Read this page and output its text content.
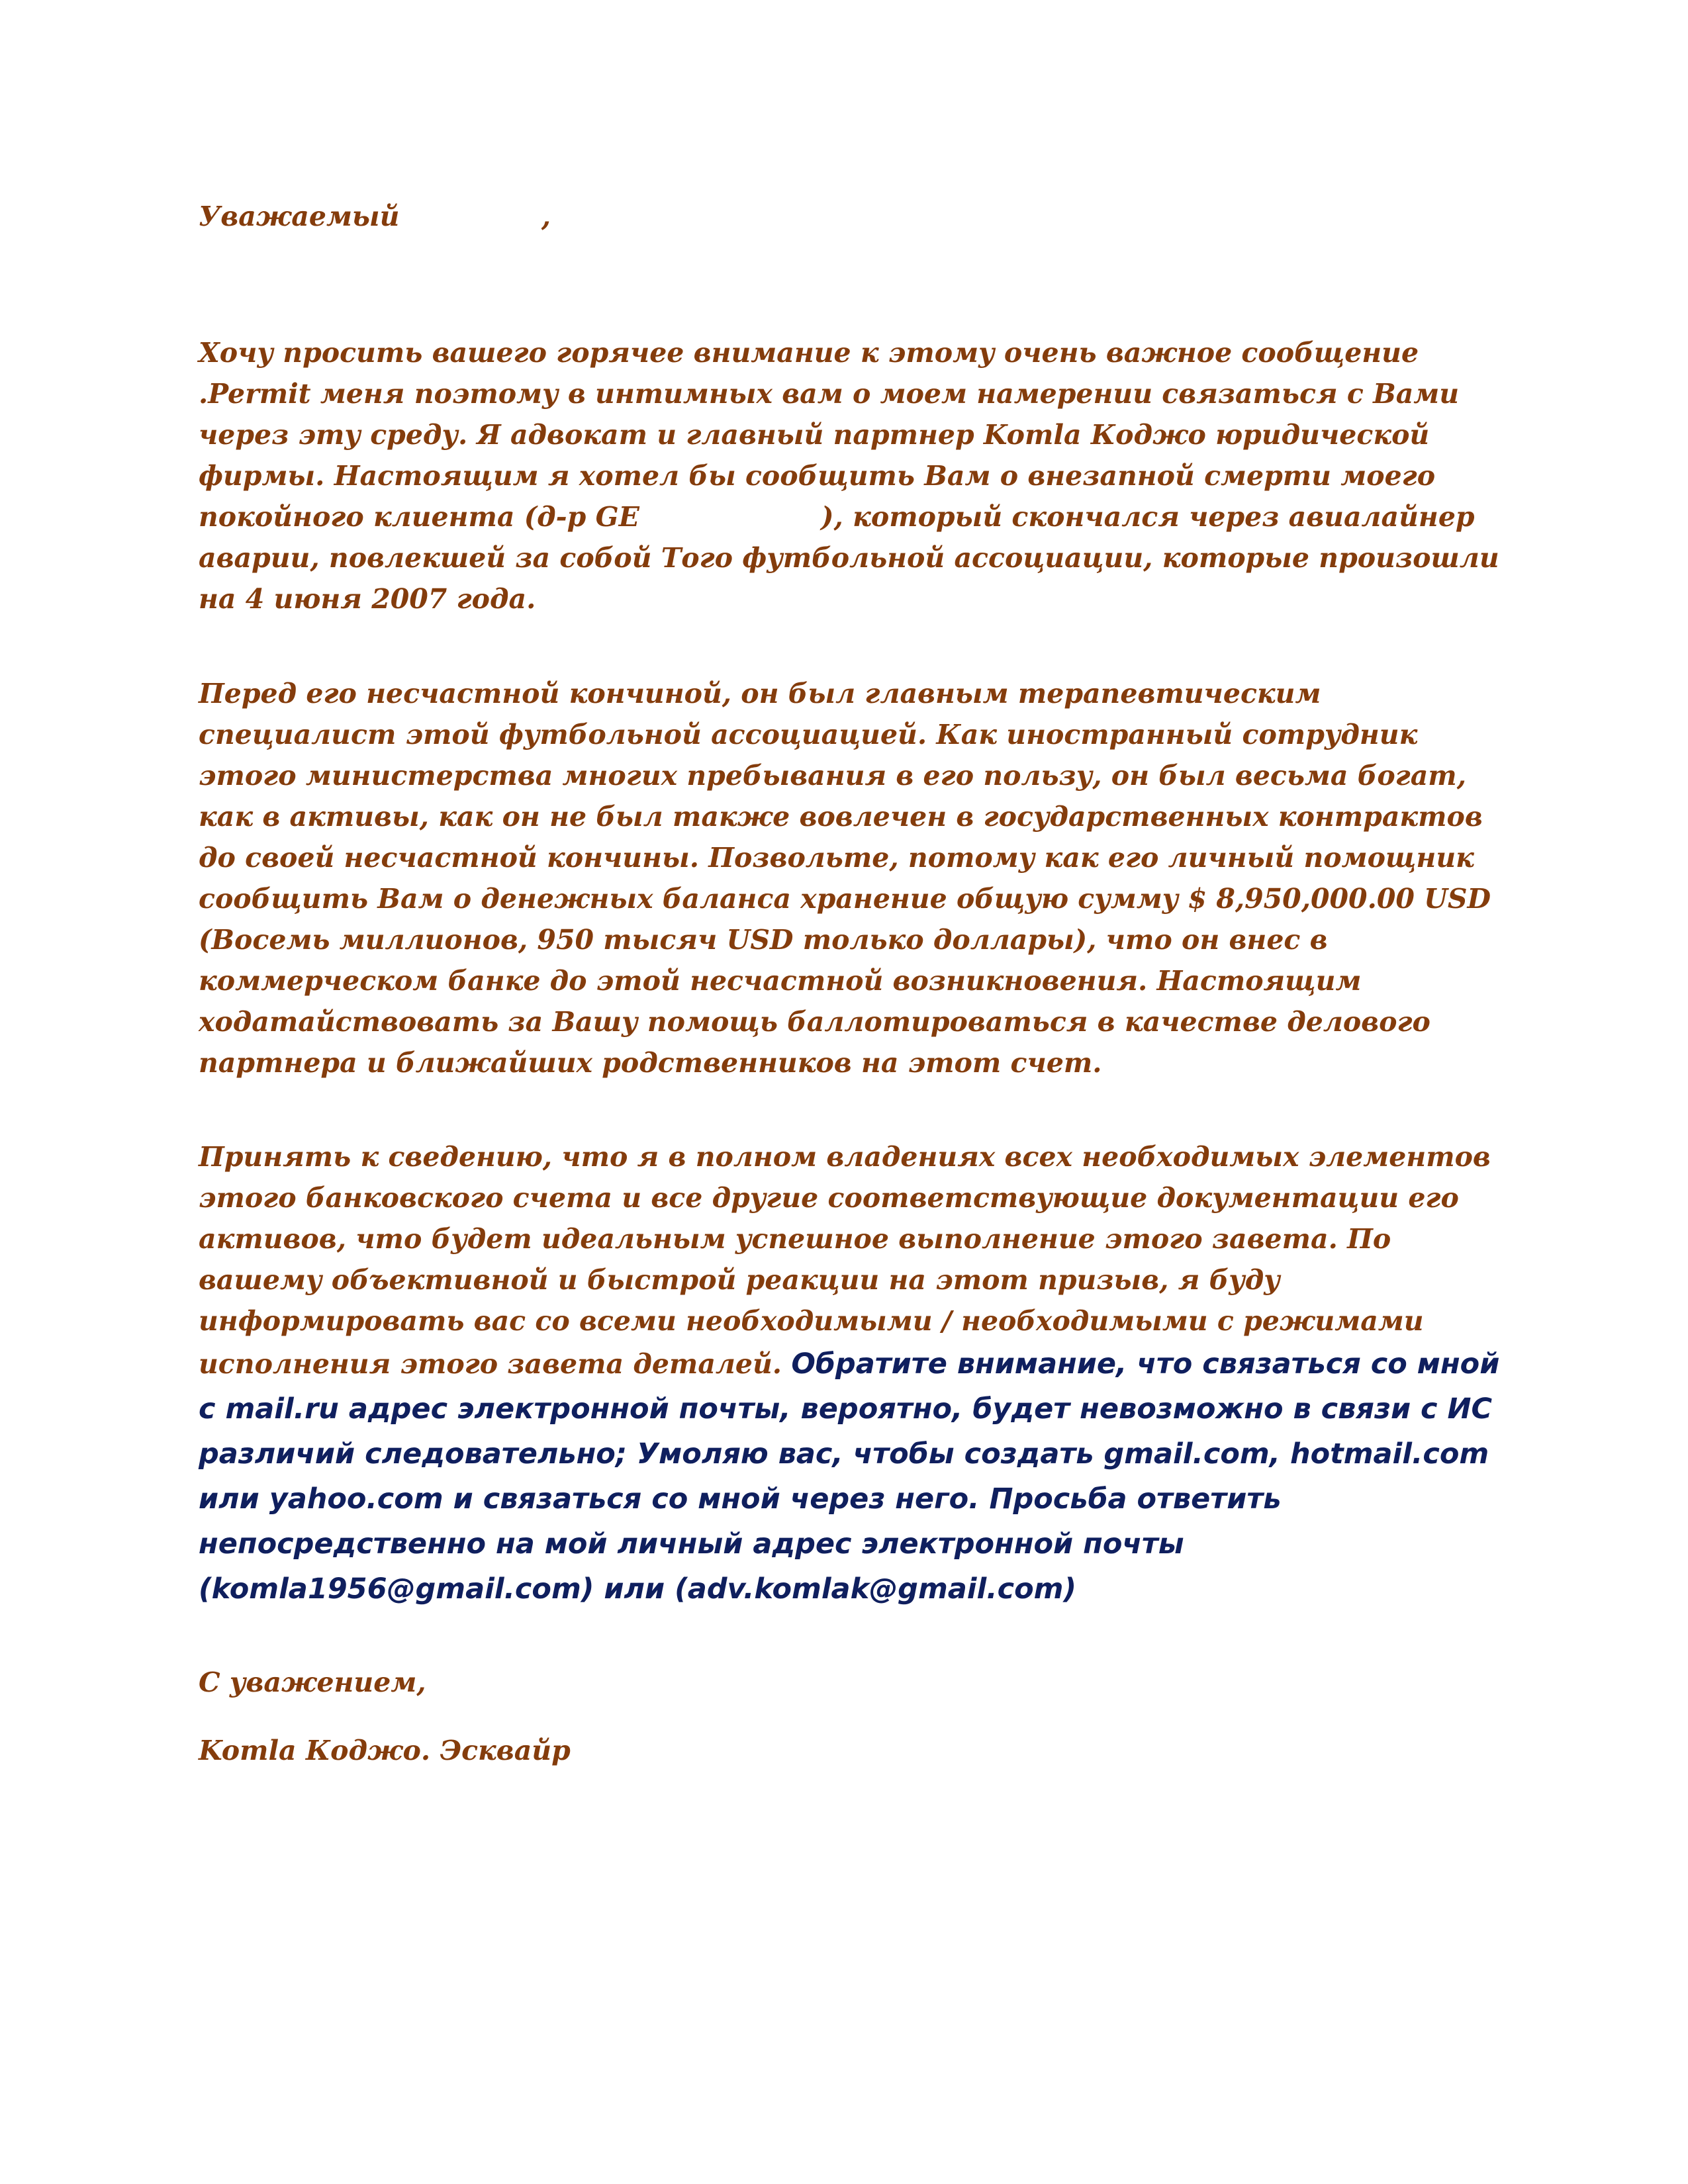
Уважаемый	,

Хочу просить вашего горячее внимание к этому очень важное сообщение .Permit меня поэтому в интимных вам о моем намерении связаться с Вами через эту среду. Я адвокат и главный партнер Komla Коджо юридической фирмы. Настоящим я хотел бы сообщить Вам о внезапной смерти моего покойного клиента (д-р GE	), который скончался через авиалайнер аварии, повлекшей за собой Того футбольной ассоциации, которые произошли на 4 июня 2007 года.

Перед его несчастной кончиной, он был главным терапевтическим специалист этой футбольной ассоциацией. Как иностранный сотрудник этого министерства многих пребывания в его пользу, он был весьма богат, как в активы, как он не был также вовлечен в государственных контрактов до своей несчастной кончины. Позвольте, потому как его личный помощник сообщить Вам о денежных баланса хранение общую сумму $ 8,950,000.00 USD (Восемь миллионов, 950 тысяч USD только доллары), что он внес в коммерческом банке до этой несчастной возникновения. Настоящим ходатайствовать за Вашу помощь баллотироваться в качестве делового партнера и ближайших родственников на этот счет.

Принять к сведению, что я в полном владениях всех необходимых элементов этого банковского счета и все другие соответствующие документации его активов, что будет идеальным успешное выполнение этого завета. По вашему объективной и быстрой реакции на этот призыв, я буду информировать вас со всеми необходимыми / необходимыми с режимами исполнения этого завета деталей. Обратите внимание, что связаться со мной с mail.ru адрес электронной почты, вероятно, будет невозможно в связи с ИС различий следовательно; Умоляю вас, чтобы создать gmail.com, hotmail.com или yahoo.com и связаться со мной через него. Просьба ответить непосредственно на мой личный адрес электронной почты (komla1956@gmail.com) или (adv.komlak@gmail.com)

С уважением,

Komla Коджо. Эсквайр
